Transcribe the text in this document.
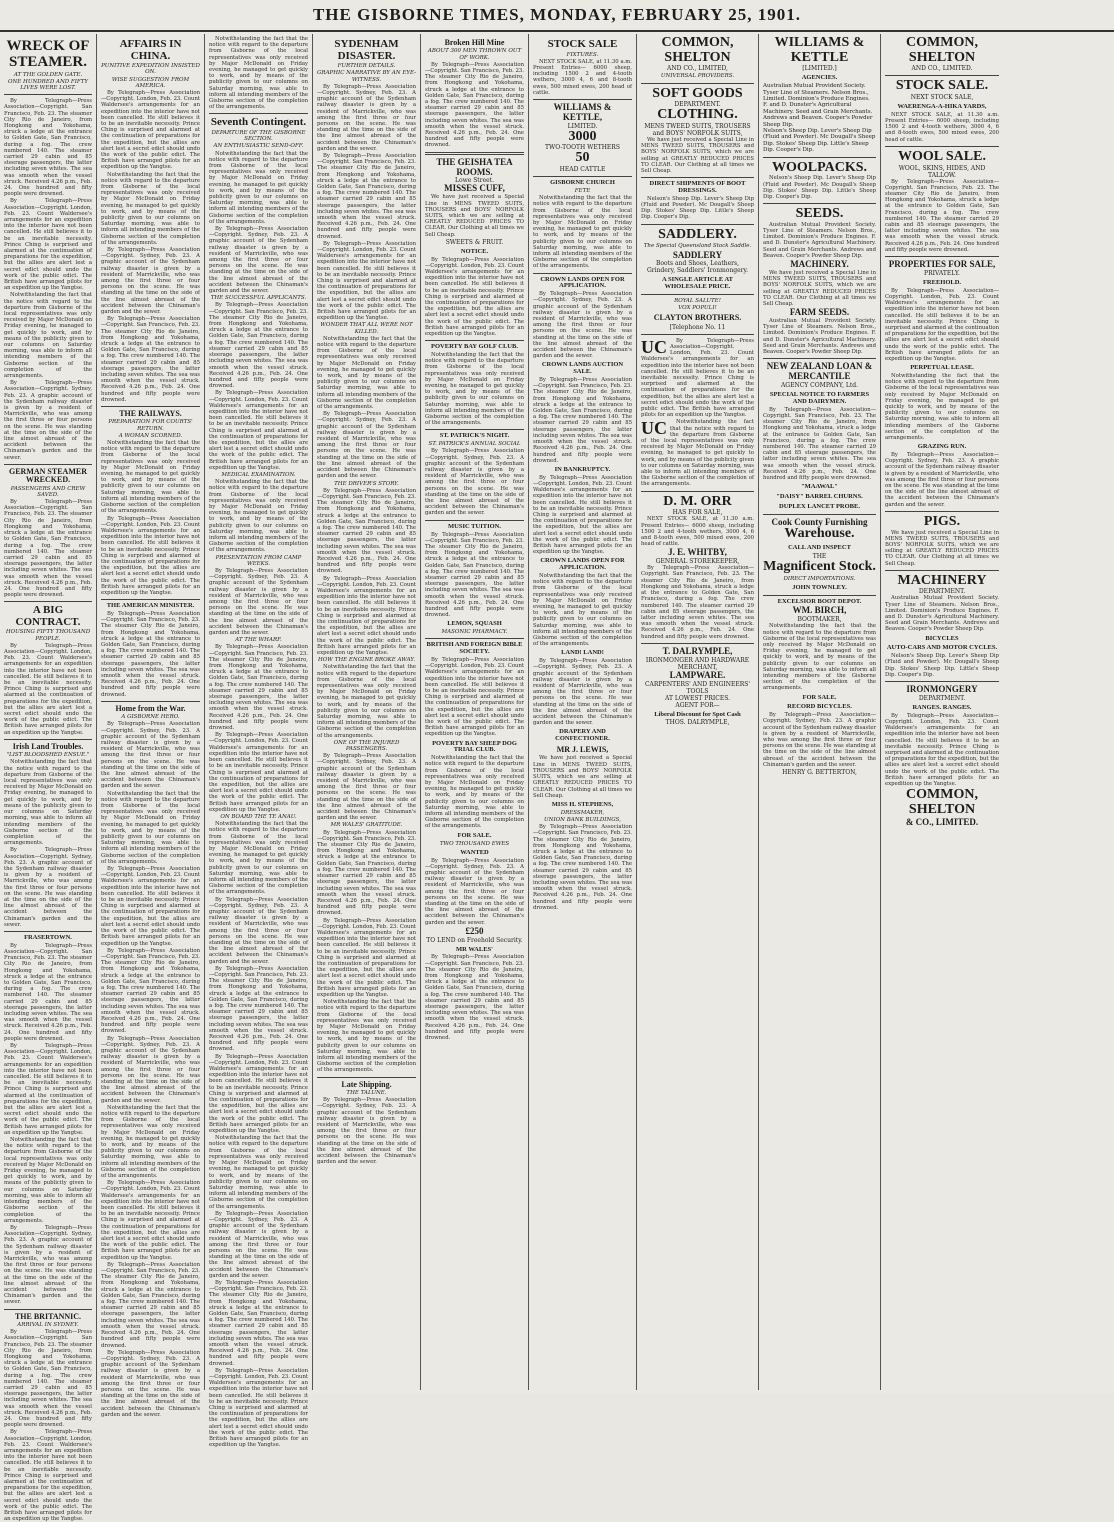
THE GISBORNE TIMES, MONDAY, FEBRUARY 25, 1901.
WRECK OF STEAMER.
AT THE GOLDEN GATE.
ONE HUNDRED AND FIFTY LIVES WERE LOST.

By Telegraph—Press Association—Copyright. San Francisco, Feb. 23. The steamer City Rio de Janeiro, from Hongkong and Yokohama, struck a ledge at the entrance to Golden Gate, San Francisco, during a fog. The crew numbered 140. The steamer carried 29 cabin and 85 steerage passengers, the latter including seven whites. The sea was smooth when the vessel struck. Received 4.26 p.m., Feb. 24. One hundred and fifty people were drowned.

By Telegraph—Press Association—Copyright. London, Feb. 23. Count Waldersee's arrangements for an expedition into the interior have not been cancelled. He still believes it to be an inevitable necessity. Prince Ching is surprised and alarmed at the continuation of preparations for the expedition, but the allies are alert lest a secret edict should undo the work of the public edict. The British have arranged pilots for an expedition up the Yangtse.

Notwithstanding the fact that the notice with regard to the departure from Gisborne of the local representatives was only received by Major McDonald on Friday evening, he managed to get quickly to work, and by means of the publicity given to our columns on Saturday morning, was able to inform all intending members of the Gisborne section of the completion of the arrangements.

By Telegraph—Press Association—Copyright. Sydney, Feb. 23. A graphic account of the Sydenham railway disaster is given by a resident of Marrickville, who was among the first three or four persons on the scene. He was standing at the time on the side of the line almost abreast of the accident between the Chinaman's garden and the sewer.

GERMAN STEAMER WRECKED.
PASSENGERS AND CREW SAVED.

By Telegraph—Press Association—Copyright. San Francisco, Feb. 23. The steamer City Rio de Janeiro, from Hongkong and Yokohama, struck a ledge at the entrance to Golden Gate, San Francisco, during a fog. The crew numbered 140. The steamer carried 29 cabin and 85 steerage passengers, the latter including seven whites. The sea was smooth when the vessel struck. Received 4.26 p.m., Feb. 24. One hundred and fifty people were drowned.

A BIG CONTRACT.
HOUSING FIFTY THOUSAND PEOPLE.

By Telegraph—Press Association—Copyright. London, Feb. 23. Count Waldersee's arrangements for an expedition into the interior have not been cancelled. He still believes it to be an inevitable necessity. Prince Ching is surprised and alarmed at the continuation of preparations for the expedition, but the allies are alert lest a secret edict should undo the work of the public edict. The British have arranged pilots for an expedition up the Yangtse.

Irish Land Troubles.
"LIST BLOODSHED ENSUE."

Notwithstanding the fact that the notice with regard to the departure from Gisborne of the local representatives was only received by Major McDonald on Friday evening, he managed to get quickly to work, and by means of the publicity given to our columns on Saturday morning, was able to inform all intending members of the Gisborne section of the completion of the arrangements.

By Telegraph—Press Association—Copyright. Sydney, Feb. 23. A graphic account of the Sydenham railway disaster is given by a resident of Marrickville, who was among the first three or four persons on the scene. He was standing at the time on the side of the line almost abreast of the accident between the Chinaman's garden and the sewer.

FRASERTOWN.

By Telegraph—Press Association—Copyright. San Francisco, Feb. 23. The steamer City Rio de Janeiro, from Hongkong and Yokohama, struck a ledge at the entrance to Golden Gate, San Francisco, during a fog. The crew numbered 140. The steamer carried 29 cabin and 85 steerage passengers, the latter including seven whites. The sea was smooth when the vessel struck. Received 4.26 p.m., Feb. 24. One hundred and fifty people were drowned.

By Telegraph—Press Association—Copyright. London, Feb. 23. Count Waldersee's arrangements for an expedition into the interior have not been cancelled. He still believes it to be an inevitable necessity. Prince Ching is surprised and alarmed at the continuation of preparations for the expedition, but the allies are alert lest a secret edict should undo the work of the public edict. The British have arranged pilots for an expedition up the Yangtse.

Notwithstanding the fact that the notice with regard to the departure from Gisborne of the local representatives was only received by Major McDonald on Friday evening, he managed to get quickly to work, and by means of the publicity given to our columns on Saturday morning, was able to inform all intending members of the Gisborne section of the completion of the arrangements.

By Telegraph—Press Association—Copyright. Sydney, Feb. 23. A graphic account of the Sydenham railway disaster is given by a resident of Marrickville, who was among the first three or four persons on the scene. He was standing at the time on the side of the line almost abreast of the accident between the Chinaman's garden and the sewer.

THE BRITANNIC.
ARRIVAL IN SYDNEY.

By Telegraph—Press Association—Copyright. San Francisco, Feb. 23. The steamer City Rio de Janeiro, from Hongkong and Yokohama, struck a ledge at the entrance to Golden Gate, San Francisco, during a fog. The crew numbered 140. The steamer carried 29 cabin and 85 steerage passengers, the latter including seven whites. The sea was smooth when the vessel struck. Received 4.26 p.m., Feb. 24. One hundred and fifty people were drowned.

By Telegraph—Press Association—Copyright. London, Feb. 23. Count Waldersee's arrangements for an expedition into the interior have not been cancelled. He still believes it to be an inevitable necessity. Prince Ching is surprised and alarmed at the continuation of preparations for the expedition, but the allies are alert lest a secret edict should undo the work of the public edict. The British have arranged pilots for an expedition up the Yangtse.

AFFAIRS IN CHINA.
PUNITIVE EXPEDITION INSISTED ON.
WISE SUGGESTION FROM AMERICA.

By Telegraph—Press Association—Copyright. London, Feb. 23. Count Waldersee's arrangements for an expedition into the interior have not been cancelled. He still believes it to be an inevitable necessity. Prince Ching is surprised and alarmed at the continuation of preparations for the expedition, but the allies are alert lest a secret edict should undo the work of the public edict. The British have arranged pilots for an expedition up the Yangtse.

Notwithstanding the fact that the notice with regard to the departure from Gisborne of the local representatives was only received by Major McDonald on Friday evening, he managed to get quickly to work, and by means of the publicity given to our columns on Saturday morning, was able to inform all intending members of the Gisborne section of the completion of the arrangements.

By Telegraph—Press Association—Copyright. Sydney, Feb. 23. A graphic account of the Sydenham railway disaster is given by a resident of Marrickville, who was among the first three or four persons on the scene. He was standing at the time on the side of the line almost abreast of the accident between the Chinaman's garden and the sewer.

By Telegraph—Press Association—Copyright. San Francisco, Feb. 23. The steamer City Rio de Janeiro, from Hongkong and Yokohama, struck a ledge at the entrance to Golden Gate, San Francisco, during a fog. The crew numbered 140. The steamer carried 29 cabin and 85 steerage passengers, the latter including seven whites. The sea was smooth when the vessel struck. Received 4.26 p.m., Feb. 24. One hundred and fifty people were drowned.

THE RAILWAYS.
PREPARATION FOR COURTS' RETURN.
A WOMAN SCORNED.

Notwithstanding the fact that the notice with regard to the departure from Gisborne of the local representatives was only received by Major McDonald on Friday evening, he managed to get quickly to work, and by means of the publicity given to our columns on Saturday morning, was able to inform all intending members of the Gisborne section of the completion of the arrangements.

By Telegraph—Press Association—Copyright. London, Feb. 23. Count Waldersee's arrangements for an expedition into the interior have not been cancelled. He still believes it to be an inevitable necessity. Prince Ching is surprised and alarmed at the continuation of preparations for the expedition, but the allies are alert lest a secret edict should undo the work of the public edict. The British have arranged pilots for an expedition up the Yangtse.

THE AMERICAN MINISTER.

By Telegraph—Press Association—Copyright. San Francisco, Feb. 23. The steamer City Rio de Janeiro, from Hongkong and Yokohama, struck a ledge at the entrance to Golden Gate, San Francisco, during a fog. The crew numbered 140. The steamer carried 29 cabin and 85 steerage passengers, the latter including seven whites. The sea was smooth when the vessel struck. Received 4.26 p.m., Feb. 24. One hundred and fifty people were drowned.

Home from the War.
A GISBORNE HERO.

By Telegraph—Press Association—Copyright. Sydney, Feb. 23. A graphic account of the Sydenham railway disaster is given by a resident of Marrickville, who was among the first three or four persons on the scene. He was standing at the time on the side of the line almost abreast of the accident between the Chinaman's garden and the sewer.

Notwithstanding the fact that the notice with regard to the departure from Gisborne of the local representatives was only received by Major McDonald on Friday evening, he managed to get quickly to work, and by means of the publicity given to our columns on Saturday morning, was able to inform all intending members of the Gisborne section of the completion of the arrangements.

By Telegraph—Press Association—Copyright. London, Feb. 23. Count Waldersee's arrangements for an expedition into the interior have not been cancelled. He still believes it to be an inevitable necessity. Prince Ching is surprised and alarmed at the continuation of preparations for the expedition, but the allies are alert lest a secret edict should undo the work of the public edict. The British have arranged pilots for an expedition up the Yangtse.

By Telegraph—Press Association—Copyright. San Francisco, Feb. 23. The steamer City Rio de Janeiro, from Hongkong and Yokohama, struck a ledge at the entrance to Golden Gate, San Francisco, during a fog. The crew numbered 140. The steamer carried 29 cabin and 85 steerage passengers, the latter including seven whites. The sea was smooth when the vessel struck. Received 4.26 p.m., Feb. 24. One hundred and fifty people were drowned.

By Telegraph—Press Association—Copyright. Sydney, Feb. 23. A graphic account of the Sydenham railway disaster is given by a resident of Marrickville, who was among the first three or four persons on the scene. He was standing at the time on the side of the line almost abreast of the accident between the Chinaman's garden and the sewer.

Notwithstanding the fact that the notice with regard to the departure from Gisborne of the local representatives was only received by Major McDonald on Friday evening, he managed to get quickly to work, and by means of the publicity given to our columns on Saturday morning, was able to inform all intending members of the Gisborne section of the completion of the arrangements.

By Telegraph—Press Association—Copyright. London, Feb. 23. Count Waldersee's arrangements for an expedition into the interior have not been cancelled. He still believes it to be an inevitable necessity. Prince Ching is surprised and alarmed at the continuation of preparations for the expedition, but the allies are alert lest a secret edict should undo the work of the public edict. The British have arranged pilots for an expedition up the Yangtse.

By Telegraph—Press Association—Copyright. San Francisco, Feb. 23. The steamer City Rio de Janeiro, from Hongkong and Yokohama, struck a ledge at the entrance to Golden Gate, San Francisco, during a fog. The crew numbered 140. The steamer carried 29 cabin and 85 steerage passengers, the latter including seven whites. The sea was smooth when the vessel struck. Received 4.26 p.m., Feb. 24. One hundred and fifty people were drowned.

By Telegraph—Press Association—Copyright. Sydney, Feb. 23. A graphic account of the Sydenham railway disaster is given by a resident of Marrickville, who was among the first three or four persons on the scene. He was standing at the time on the side of the line almost abreast of the accident between the Chinaman's garden and the sewer.

Notwithstanding the fact that the notice with regard to the departure from Gisborne of the local representatives was only received by Major McDonald on Friday evening, he managed to get quickly to work, and by means of the publicity given to our columns on Saturday morning, was able to inform all intending members of the Gisborne section of the completion of the arrangements.

Seventh Contingent.
DEPARTURE OF THE GISBORNE SECTION.
AN ENTHUSIASTIC SEND-OFF.

Notwithstanding the fact that the notice with regard to the departure from Gisborne of the local representatives was only received by Major McDonald on Friday evening, he managed to get quickly to work, and by means of the publicity given to our columns on Saturday morning, was able to inform all intending members of the Gisborne section of the completion of the arrangements.

By Telegraph—Press Association—Copyright. Sydney, Feb. 23. A graphic account of the Sydenham railway disaster is given by a resident of Marrickville, who was among the first three or four persons on the scene. He was standing at the time on the side of the line almost abreast of the accident between the Chinaman's garden and the sewer.

THE SUCCESSFUL APPLICANTS.

By Telegraph—Press Association—Copyright. San Francisco, Feb. 23. The steamer City Rio de Janeiro, from Hongkong and Yokohama, struck a ledge at the entrance to Golden Gate, San Francisco, during a fog. The crew numbered 140. The steamer carried 29 cabin and 85 steerage passengers, the latter including seven whites. The sea was smooth when the vessel struck. Received 4.26 p.m., Feb. 24. One hundred and fifty people were drowned.

By Telegraph—Press Association—Copyright. London, Feb. 23. Count Waldersee's arrangements for an expedition into the interior have not been cancelled. He still believes it to be an inevitable necessity. Prince Ching is surprised and alarmed at the continuation of preparations for the expedition, but the allies are alert lest a secret edict should undo the work of the public edict. The British have arranged pilots for an expedition up the Yangtse.

MEDICAL EXAMINATION.

Notwithstanding the fact that the notice with regard to the departure from Gisborne of the local representatives was only received by Major McDonald on Friday evening, he managed to get quickly to work, and by means of the publicity given to our columns on Saturday morning, was able to inform all intending members of the Gisborne section of the completion of the arrangements.

PRESENTATION FROM CAMP WEEKS.

By Telegraph—Press Association—Copyright. Sydney, Feb. 23. A graphic account of the Sydenham railway disaster is given by a resident of Marrickville, who was among the first three or four persons on the scene. He was standing at the time on the side of the line almost abreast of the accident between the Chinaman's garden and the sewer.

AT THE WHARF.

By Telegraph—Press Association—Copyright. San Francisco, Feb. 23. The steamer City Rio de Janeiro, from Hongkong and Yokohama, struck a ledge at the entrance to Golden Gate, San Francisco, during a fog. The crew numbered 140. The steamer carried 29 cabin and 85 steerage passengers, the latter including seven whites. The sea was smooth when the vessel struck. Received 4.26 p.m., Feb. 24. One hundred and fifty people were drowned.

By Telegraph—Press Association—Copyright. London, Feb. 23. Count Waldersee's arrangements for an expedition into the interior have not been cancelled. He still believes it to be an inevitable necessity. Prince Ching is surprised and alarmed at the continuation of preparations for the expedition, but the allies are alert lest a secret edict should undo the work of the public edict. The British have arranged pilots for an expedition up the Yangtse.

ON BOARD THE TE ANAU.

Notwithstanding the fact that the notice with regard to the departure from Gisborne of the local representatives was only received by Major McDonald on Friday evening, he managed to get quickly to work, and by means of the publicity given to our columns on Saturday morning, was able to inform all intending members of the Gisborne section of the completion of the arrangements.

By Telegraph—Press Association—Copyright. Sydney, Feb. 23. A graphic account of the Sydenham railway disaster is given by a resident of Marrickville, who was among the first three or four persons on the scene. He was standing at the time on the side of the line almost abreast of the accident between the Chinaman's garden and the sewer.

By Telegraph—Press Association—Copyright. San Francisco, Feb. 23. The steamer City Rio de Janeiro, from Hongkong and Yokohama, struck a ledge at the entrance to Golden Gate, San Francisco, during a fog. The crew numbered 140. The steamer carried 29 cabin and 85 steerage passengers, the latter including seven whites. The sea was smooth when the vessel struck. Received 4.26 p.m., Feb. 24. One hundred and fifty people were drowned.

By Telegraph—Press Association—Copyright. London, Feb. 23. Count Waldersee's arrangements for an expedition into the interior have not been cancelled. He still believes it to be an inevitable necessity. Prince Ching is surprised and alarmed at the continuation of preparations for the expedition, but the allies are alert lest a secret edict should undo the work of the public edict. The British have arranged pilots for an expedition up the Yangtse.

Notwithstanding the fact that the notice with regard to the departure from Gisborne of the local representatives was only received by Major McDonald on Friday evening, he managed to get quickly to work, and by means of the publicity given to our columns on Saturday morning, was able to inform all intending members of the Gisborne section of the completion of the arrangements.

By Telegraph—Press Association—Copyright. Sydney, Feb. 23. A graphic account of the Sydenham railway disaster is given by a resident of Marrickville, who was among the first three or four persons on the scene. He was standing at the time on the side of the line almost abreast of the accident between the Chinaman's garden and the sewer.

By Telegraph—Press Association—Copyright. San Francisco, Feb. 23. The steamer City Rio de Janeiro, from Hongkong and Yokohama, struck a ledge at the entrance to Golden Gate, San Francisco, during a fog. The crew numbered 140. The steamer carried 29 cabin and 85 steerage passengers, the latter including seven whites. The sea was smooth when the vessel struck. Received 4.26 p.m., Feb. 24. One hundred and fifty people were drowned.

By Telegraph—Press Association—Copyright. London, Feb. 23. Count Waldersee's arrangements for an expedition into the interior have not been cancelled. He still believes it to be an inevitable necessity. Prince Ching is surprised and alarmed at the continuation of preparations for the expedition, but the allies are alert lest a secret edict should undo the work of the public edict. The British have arranged pilots for an expedition up the Yangtse.

SYDENHAM DISASTER.
FURTHER DETAILS.
GRAPHIC NARRATIVE BY AN EYE-WITNESS.

By Telegraph—Press Association—Copyright. Sydney, Feb. 23. A graphic account of the Sydenham railway disaster is given by a resident of Marrickville, who was among the first three or four persons on the scene. He was standing at the time on the side of the line almost abreast of the accident between the Chinaman's garden and the sewer.

By Telegraph—Press Association—Copyright. San Francisco, Feb. 23. The steamer City Rio de Janeiro, from Hongkong and Yokohama, struck a ledge at the entrance to Golden Gate, San Francisco, during a fog. The crew numbered 140. The steamer carried 29 cabin and 85 steerage passengers, the latter including seven whites. The sea was smooth when the vessel struck. Received 4.26 p.m., Feb. 24. One hundred and fifty people were drowned.

By Telegraph—Press Association—Copyright. London, Feb. 23. Count Waldersee's arrangements for an expedition into the interior have not been cancelled. He still believes it to be an inevitable necessity. Prince Ching is surprised and alarmed at the continuation of preparations for the expedition, but the allies are alert lest a secret edict should undo the work of the public edict. The British have arranged pilots for an expedition up the Yangtse.

WONDER THAT ALL WERE NOT KILLED.

Notwithstanding the fact that the notice with regard to the departure from Gisborne of the local representatives was only received by Major McDonald on Friday evening, he managed to get quickly to work, and by means of the publicity given to our columns on Saturday morning, was able to inform all intending members of the Gisborne section of the completion of the arrangements.

By Telegraph—Press Association—Copyright. Sydney, Feb. 23. A graphic account of the Sydenham railway disaster is given by a resident of Marrickville, who was among the first three or four persons on the scene. He was standing at the time on the side of the line almost abreast of the accident between the Chinaman's garden and the sewer.

THE DRIVER'S STORY.

By Telegraph—Press Association—Copyright. San Francisco, Feb. 23. The steamer City Rio de Janeiro, from Hongkong and Yokohama, struck a ledge at the entrance to Golden Gate, San Francisco, during a fog. The crew numbered 140. The steamer carried 29 cabin and 85 steerage passengers, the latter including seven whites. The sea was smooth when the vessel struck. Received 4.26 p.m., Feb. 24. One hundred and fifty people were drowned.

By Telegraph—Press Association—Copyright. London, Feb. 23. Count Waldersee's arrangements for an expedition into the interior have not been cancelled. He still believes it to be an inevitable necessity. Prince Ching is surprised and alarmed at the continuation of preparations for the expedition, but the allies are alert lest a secret edict should undo the work of the public edict. The British have arranged pilots for an expedition up the Yangtse.

HOW THE ENGINE BROKE AWAY.

Notwithstanding the fact that the notice with regard to the departure from Gisborne of the local representatives was only received by Major McDonald on Friday evening, he managed to get quickly to work, and by means of the publicity given to our columns on Saturday morning, was able to inform all intending members of the Gisborne section of the completion of the arrangements.

ONE OF THE INJURED PASSENGERS.

By Telegraph—Press Association—Copyright. Sydney, Feb. 23. A graphic account of the Sydenham railway disaster is given by a resident of Marrickville, who was among the first three or four persons on the scene. He was standing at the time on the side of the line almost abreast of the accident between the Chinaman's garden and the sewer.

MR WALES' GRATITUDE.

By Telegraph—Press Association—Copyright. San Francisco, Feb. 23. The steamer City Rio de Janeiro, from Hongkong and Yokohama, struck a ledge at the entrance to Golden Gate, San Francisco, during a fog. The crew numbered 140. The steamer carried 29 cabin and 85 steerage passengers, the latter including seven whites. The sea was smooth when the vessel struck. Received 4.26 p.m., Feb. 24. One hundred and fifty people were drowned.

By Telegraph—Press Association—Copyright. London, Feb. 23. Count Waldersee's arrangements for an expedition into the interior have not been cancelled. He still believes it to be an inevitable necessity. Prince Ching is surprised and alarmed at the continuation of preparations for the expedition, but the allies are alert lest a secret edict should undo the work of the public edict. The British have arranged pilots for an expedition up the Yangtse.

Notwithstanding the fact that the notice with regard to the departure from Gisborne of the local representatives was only received by Major McDonald on Friday evening, he managed to get quickly to work, and by means of the publicity given to our columns on Saturday morning, was able to inform all intending members of the Gisborne section of the completion of the arrangements.

Late Shipping.
THE TALUNE.

By Telegraph—Press Association—Copyright. Sydney, Feb. 23. A graphic account of the Sydenham railway disaster is given by a resident of Marrickville, who was among the first three or four persons on the scene. He was standing at the time on the side of the line almost abreast of the accident between the Chinaman's garden and the sewer.

Broken Hill Mine
ABOUT 300 MEN THROWN OUT OF WORK.

By Telegraph—Press Association—Copyright. San Francisco, Feb. 23. The steamer City Rio de Janeiro, from Hongkong and Yokohama, struck a ledge at the entrance to Golden Gate, San Francisco, during a fog. The crew numbered 140. The steamer carried 29 cabin and 85 steerage passengers, the latter including seven whites. The sea was smooth when the vessel struck. Received 4.26 p.m., Feb. 24. One hundred and fifty people were drowned.

THE GEISHA TEA ROOMS.
Lowe Street.
MISSES CUFF,

We have just received a Special Line in MENS TWEED SUITS, TROUSERS and BOYS' NORFOLK SUITS, which we are selling at GREATLY REDUCED PRICES TO CLEAR. Our Clothing at all times we Sell Cheap.

SWEETS & FRUIT.
NOTICE.

By Telegraph—Press Association—Copyright. London, Feb. 23. Count Waldersee's arrangements for an expedition into the interior have not been cancelled. He still believes it to be an inevitable necessity. Prince Ching is surprised and alarmed at the continuation of preparations for the expedition, but the allies are alert lest a secret edict should undo the work of the public edict. The British have arranged pilots for an expedition up the Yangtse.

POVERTY BAY GOLF CLUB.

Notwithstanding the fact that the notice with regard to the departure from Gisborne of the local representatives was only received by Major McDonald on Friday evening, he managed to get quickly to work, and by means of the publicity given to our columns on Saturday morning, was able to inform all intending members of the Gisborne section of the completion of the arrangements.

ST. PATRICK'S NIGHT.
ST. PATRICK'S ANNUAL SOCIAL

By Telegraph—Press Association—Copyright. Sydney, Feb. 23. A graphic account of the Sydenham railway disaster is given by a resident of Marrickville, who was among the first three or four persons on the scene. He was standing at the time on the side of the line almost abreast of the accident between the Chinaman's garden and the sewer.

MUSIC TUITION.

By Telegraph—Press Association—Copyright. San Francisco, Feb. 23. The steamer City Rio de Janeiro, from Hongkong and Yokohama, struck a ledge at the entrance to Golden Gate, San Francisco, during a fog. The crew numbered 140. The steamer carried 29 cabin and 85 steerage passengers, the latter including seven whites. The sea was smooth when the vessel struck. Received 4.26 p.m., Feb. 24. One hundred and fifty people were drowned.

LEMON, SQUASH
MASONIC PHARMACY.
BRITISH AND FOREIGN BIBLE SOCIETY.

By Telegraph—Press Association—Copyright. London, Feb. 23. Count Waldersee's arrangements for an expedition into the interior have not been cancelled. He still believes it to be an inevitable necessity. Prince Ching is surprised and alarmed at the continuation of preparations for the expedition, but the allies are alert lest a secret edict should undo the work of the public edict. The British have arranged pilots for an expedition up the Yangtse.

POVERTY BAY SHEEP DOG TRIAL CLUB.

Notwithstanding the fact that the notice with regard to the departure from Gisborne of the local representatives was only received by Major McDonald on Friday evening, he managed to get quickly to work, and by means of the publicity given to our columns on Saturday morning, was able to inform all intending members of the Gisborne section of the completion of the arrangements.

FOR SALE.
TWO THOUSAND EWES
WANTED

By Telegraph—Press Association—Copyright. Sydney, Feb. 23. A graphic account of the Sydenham railway disaster is given by a resident of Marrickville, who was among the first three or four persons on the scene. He was standing at the time on the side of the line almost abreast of the accident between the Chinaman's garden and the sewer.

£250
TO LEND on Freehold Security.
MR WALES'

By Telegraph—Press Association—Copyright. San Francisco, Feb. 23. The steamer City Rio de Janeiro, from Hongkong and Yokohama, struck a ledge at the entrance to Golden Gate, San Francisco, during a fog. The crew numbered 140. The steamer carried 29 cabin and 85 steerage passengers, the latter including seven whites. The sea was smooth when the vessel struck. Received 4.26 p.m., Feb. 24. One hundred and fifty people were drowned.

STOCK SALE
FIXTURES.

NEXT STOCK SALE, at 11.30 a.m. Present Entries— 6000 sheep, including 1500 2 and 4-tooth wethers, 3000 4, 6 and 8-tooth ewes, 500 mixed ewes, 200 head of cattle.

WILLIAMS & KETTLE,
LIMITED.
3000
TWO-TOOTH WETHERS
50
HEAD CATTLE
GISBORNE CHURCH
FETE

Notwithstanding the fact that the notice with regard to the departure from Gisborne of the local representatives was only received by Major McDonald on Friday evening, he managed to get quickly to work, and by means of the publicity given to our columns on Saturday morning, was able to inform all intending members of the Gisborne section of the completion of the arrangements.

CROWN LANDS OPEN FOR APPLICATION.

By Telegraph—Press Association—Copyright. Sydney, Feb. 23. A graphic account of the Sydenham railway disaster is given by a resident of Marrickville, who was among the first three or four persons on the scene. He was standing at the time on the side of the line almost abreast of the accident between the Chinaman's garden and the sewer.

CROWN LANDS AUCTION SALE.

By Telegraph—Press Association—Copyright. San Francisco, Feb. 23. The steamer City Rio de Janeiro, from Hongkong and Yokohama, struck a ledge at the entrance to Golden Gate, San Francisco, during a fog. The crew numbered 140. The steamer carried 29 cabin and 85 steerage passengers, the latter including seven whites. The sea was smooth when the vessel struck. Received 4.26 p.m., Feb. 24. One hundred and fifty people were drowned.

IN BANKRUPTCY.

By Telegraph—Press Association—Copyright. London, Feb. 23. Count Waldersee's arrangements for an expedition into the interior have not been cancelled. He still believes it to be an inevitable necessity. Prince Ching is surprised and alarmed at the continuation of preparations for the expedition, but the allies are alert lest a secret edict should undo the work of the public edict. The British have arranged pilots for an expedition up the Yangtse.

CROWN LANDS OPEN FOR APPLICATION.

Notwithstanding the fact that the notice with regard to the departure from Gisborne of the local representatives was only received by Major McDonald on Friday evening, he managed to get quickly to work, and by means of the publicity given to our columns on Saturday morning, was able to inform all intending members of the Gisborne section of the completion of the arrangements.

LAND! LAND!

By Telegraph—Press Association—Copyright. Sydney, Feb. 23. A graphic account of the Sydenham railway disaster is given by a resident of Marrickville, who was among the first three or four persons on the scene. He was standing at the time on the side of the line almost abreast of the accident between the Chinaman's garden and the sewer.

DRAPERY AND CONFECTIONER.
MR J. LEWIS,

We have just received a Special Line in MENS TWEED SUITS, TROUSERS and BOYS' NORFOLK SUITS, which we are selling at GREATLY REDUCED PRICES TO CLEAR. Our Clothing at all times we Sell Cheap.

MISS H. STEPHENS,
DRESSMAKER,
UNION BANK BUILDINGS,

By Telegraph—Press Association—Copyright. San Francisco, Feb. 23. The steamer City Rio de Janeiro, from Hongkong and Yokohama, struck a ledge at the entrance to Golden Gate, San Francisco, during a fog. The crew numbered 140. The steamer carried 29 cabin and 85 steerage passengers, the latter including seven whites. The sea was smooth when the vessel struck. Received 4.26 p.m., Feb. 24. One hundred and fifty people were drowned.

COMMON, SHELTON
AND CO., LIMITED,
UNIVERSAL PROVIDERS.
SOFT GOODS
DEPARTMENT.
CLOTHING.
MENS TWEED SUITS, TROUSERS and BOYS' NORFOLK SUITS,

We have just received a Special Line in MENS TWEED SUITS, TROUSERS and BOYS' NORFOLK SUITS, which we are selling at GREATLY REDUCED PRICES TO CLEAR. Our Clothing at all times we Sell Cheap.

DIRECT SHIPMENTS OF BOOT DRESSINGS.

Nelson's Sheep Dip. Lever's Sheep Dip (Fluid and Powder). Mc Dougall's Sheep Dip. Stokes' Sheep Dip. Little's Sheep Dip. Cooper's Dip.

SADDLERY.
The Special Queensland Stock Saddle.
SADDLERY
Boots and Shoes, Leathers, Grindery, Saddlers' Ironmongery.
A SINGLE ARTICLE AT WHOLESALE PRICE.
ROYAL SALUTE!
VOX POPULI!
CLAYTON BROTHERS.
[Telephone No. 11
UC	By Telegraph—Press Association—Copyright. London, Feb. 23. Count Waldersee's arrangements for an expedition into the interior have not been cancelled. He still believes it to be an inevitable necessity. Prince Ching is surprised and alarmed at the continuation of preparations for the expedition, but the allies are alert lest a secret edict should undo the work of the public edict. The British have arranged pilots for an expedition up the Yangtse.

UC	Notwithstanding the fact that the notice with regard to the departure from Gisborne of the local representatives was only received by Major McDonald on Friday evening, he managed to get quickly to work, and by means of the publicity given to our columns on Saturday morning, was able to inform all intending members of the Gisborne section of the completion of the arrangements.

D. M. ORR
HAS FOR SALE,

NEXT STOCK SALE, at 11.30 a.m. Present Entries— 6000 sheep, including 1500 2 and 4-tooth wethers, 3000 4, 6 and 8-tooth ewes, 500 mixed ewes, 200 head of cattle.

J. E. WHITBY,
GENERAL STOREKEEPER,

By Telegraph—Press Association—Copyright. San Francisco, Feb. 23. The steamer City Rio de Janeiro, from Hongkong and Yokohama, struck a ledge at the entrance to Golden Gate, San Francisco, during a fog. The crew numbered 140. The steamer carried 29 cabin and 85 steerage passengers, the latter including seven whites. The sea was smooth when the vessel struck. Received 4.26 p.m., Feb. 24. One hundred and fifty people were drowned.

T. DALRYMPLE,
IRONMONGER AND HARDWARE MERCHANT,
LAMPWARE.
CARPENTERS' AND ENGINEERS' TOOLS
AT LOWEST PRICES.
AGENT FOR—
Liberal Discount for Spot Cash
THOS. DALRYMPLE,
WILLIAMS & KETTLE
[LIMITED.]
AGENCIES.

Australian Mutual Provident Society. Tyser Line of Steamers. Nelson Bros., Limited. Dominion's Produce Engines. F. and D. Dunster's Agricultural Machinery. Seed and Grain Merchants. Andrews and Beaven. Cooper's Powder Sheep Dip.

Nelson's Sheep Dip. Lever's Sheep Dip (Fluid and Powder). Mc Dougall's Sheep Dip. Stokes' Sheep Dip. Little's Sheep Dip. Cooper's Dip.

WOOLPACKS.

Nelson's Sheep Dip. Lever's Sheep Dip (Fluid and Powder). Mc Dougall's Sheep Dip. Stokes' Sheep Dip. Little's Sheep Dip. Cooper's Dip.

SEEDS.

Australian Mutual Provident Society. Tyser Line of Steamers. Nelson Bros., Limited. Dominion's Produce Engines. F. and D. Dunster's Agricultural Machinery. Seed and Grain Merchants. Andrews and Beaven. Cooper's Powder Sheep Dip.

MACHINERY.

We have just received a Special Line in MENS TWEED SUITS, TROUSERS and BOYS' NORFOLK SUITS, which we are selling at GREATLY REDUCED PRICES TO CLEAR. Our Clothing at all times we Sell Cheap.

FARM SEEDS.

Australian Mutual Provident Society. Tyser Line of Steamers. Nelson Bros., Limited. Dominion's Produce Engines. F. and D. Dunster's Agricultural Machinery. Seed and Grain Merchants. Andrews and Beaven. Cooper's Powder Sheep Dip.

NEW ZEALAND LOAN & MERCANTILE
AGENCY COMPANY, Ltd.
SPECIAL NOTICE TO FARMERS AND DAIRYMEN.

By Telegraph—Press Association—Copyright. San Francisco, Feb. 23. The steamer City Rio de Janeiro, from Hongkong and Yokohama, struck a ledge at the entrance to Golden Gate, San Francisco, during a fog. The crew numbered 140. The steamer carried 29 cabin and 85 steerage passengers, the latter including seven whites. The sea was smooth when the vessel struck. Received 4.26 p.m., Feb. 24. One hundred and fifty people were drowned.

"MAAWAL"
"DAISY" BARREL CHURNS.
DUPLEX LANCET PROBE.
Cook County Furnishing
Warehouse.
CALL AND INSPECT
THE
Magnificent Stock.
DIRECT IMPORTATIONS.
JOHN TOWNLEY.
EXCELSIOR BOOT DEPOT.
WM. BIRCH,
BOOTMAKER,

Notwithstanding the fact that the notice with regard to the departure from Gisborne of the local representatives was only received by Major McDonald on Friday evening, he managed to get quickly to work, and by means of the publicity given to our columns on Saturday morning, was able to inform all intending members of the Gisborne section of the completion of the arrangements.

FOR SALE.
RECORD BICYCLES.

By Telegraph—Press Association—Copyright. Sydney, Feb. 23. A graphic account of the Sydenham railway disaster is given by a resident of Marrickville, who was among the first three or four persons on the scene. He was standing at the time on the side of the line almost abreast of the accident between the Chinaman's garden and the sewer.

HENRY G. BETTERTON,
COMMON, SHELTON
AND CO., LIMITED.
STOCK SALE.
NEXT STOCK SALE,
WAERENGA-A-HIKA YARDS,

NEXT STOCK SALE, at 11.30 a.m. Present Entries— 6000 sheep, including 1500 2 and 4-tooth wethers, 3000 4, 6 and 8-tooth ewes, 500 mixed ewes, 200 head of cattle.

WOOL SALE.
WOOL, SKINS, HIDES, AND TALLOW.

By Telegraph—Press Association—Copyright. San Francisco, Feb. 23. The steamer City Rio de Janeiro, from Hongkong and Yokohama, struck a ledge at the entrance to Golden Gate, San Francisco, during a fog. The crew numbered 140. The steamer carried 29 cabin and 85 steerage passengers, the latter including seven whites. The sea was smooth when the vessel struck. Received 4.26 p.m., Feb. 24. One hundred and fifty people were drowned.

PROPERTIES FOR SALE,
PRIVATELY.
FREEHOLD.

By Telegraph—Press Association—Copyright. London, Feb. 23. Count Waldersee's arrangements for an expedition into the interior have not been cancelled. He still believes it to be an inevitable necessity. Prince Ching is surprised and alarmed at the continuation of preparations for the expedition, but the allies are alert lest a secret edict should undo the work of the public edict. The British have arranged pilots for an expedition up the Yangtse.

PERPETUAL LEASE.

Notwithstanding the fact that the notice with regard to the departure from Gisborne of the local representatives was only received by Major McDonald on Friday evening, he managed to get quickly to work, and by means of the publicity given to our columns on Saturday morning, was able to inform all intending members of the Gisborne section of the completion of the arrangements.

GRAZING RUN.

By Telegraph—Press Association—Copyright. Sydney, Feb. 23. A graphic account of the Sydenham railway disaster is given by a resident of Marrickville, who was among the first three or four persons on the scene. He was standing at the time on the side of the line almost abreast of the accident between the Chinaman's garden and the sewer.

PIGS.

We have just received a Special Line in MENS TWEED SUITS, TROUSERS and BOYS' NORFOLK SUITS, which we are selling at GREATLY REDUCED PRICES TO CLEAR. Our Clothing at all times we Sell Cheap.

MACHINERY
DEPARTMENT.

Australian Mutual Provident Society. Tyser Line of Steamers. Nelson Bros., Limited. Dominion's Produce Engines. F. and D. Dunster's Agricultural Machinery. Seed and Grain Merchants. Andrews and Beaven. Cooper's Powder Sheep Dip.

BICYCLES
AUTO-CARS AND MOTOR CYCLES.

Nelson's Sheep Dip. Lever's Sheep Dip (Fluid and Powder). Mc Dougall's Sheep Dip. Stokes' Sheep Dip. Little's Sheep Dip. Cooper's Dip.

IRONMONGERY
DEPARTMENT.
RANGES. RANGES.

By Telegraph—Press Association—Copyright. London, Feb. 23. Count Waldersee's arrangements for an expedition into the interior have not been cancelled. He still believes it to be an inevitable necessity. Prince Ching is surprised and alarmed at the continuation of preparations for the expedition, but the allies are alert lest a secret edict should undo the work of the public edict. The British have arranged pilots for an expedition up the Yangtse.

COMMON, SHELTON
& CO., LIMITED.
